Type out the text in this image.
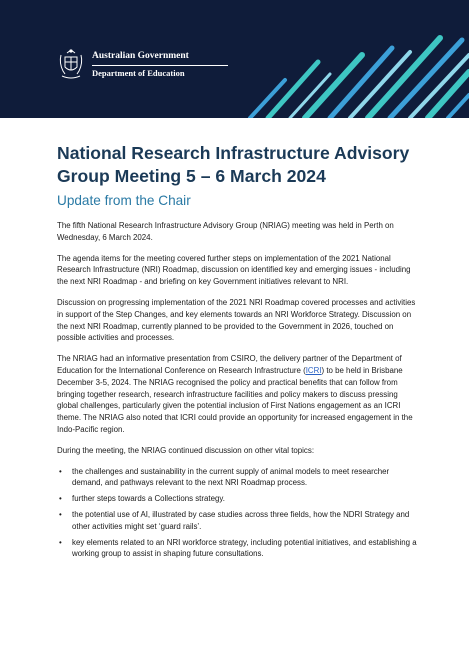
Australian Government
Department of Education
National Research Infrastructure Advisory
Group Meeting 5 – 6 March 2024
Update from the Chair

The fifth National Research Infrastructure Advisory Group (NRIAG) meeting was held in Perth on Wednesday, 6 March 2024.

The agenda items for the meeting covered further steps on implementation of the 2021 National Research Infrastructure (NRI) Roadmap, discussion on identified key and emerging issues - including the next NRI Roadmap - and briefing on key Government initiatives relevant to NRI.

Discussion on progressing implementation of the 2021 NRI Roadmap covered processes and activities in support of the Step Changes, and key elements towards an NRI Workforce Strategy. Discussion on the next NRI Roadmap, currently planned to be provided to the Government in 2026, touched on possible activities and processes.

The NRIAG had an informative presentation from CSIRO, the delivery partner of the Department of Education for the International Conference on Research Infrastructure (ICRI) to be held in Brisbane December 3-5, 2024. The NRIAG recognised the policy and practical benefits that can follow from bringing together research, research infrastructure facilities and policy makers to discuss pressing global challenges, particularly given the potential inclusion of First Nations engagement as an ICRI theme. The NRIAG also noted that ICRI could provide an opportunity for increased engagement in the Indo-Pacific region.

During the meeting, the NRIAG continued discussion on other vital topics:

• the challenges and sustainability in the current supply of animal models to meet researcher demand, and pathways relevant to the next NRI Roadmap process.
• further steps towards a Collections strategy.
• the potential use of AI, illustrated by case studies across three fields, how the NDRI Strategy and other activities might set ‘guard rails’.
• key elements related to an NRI workforce strategy, including potential initiatives, and establishing a working group to assist in shaping future consultations.
